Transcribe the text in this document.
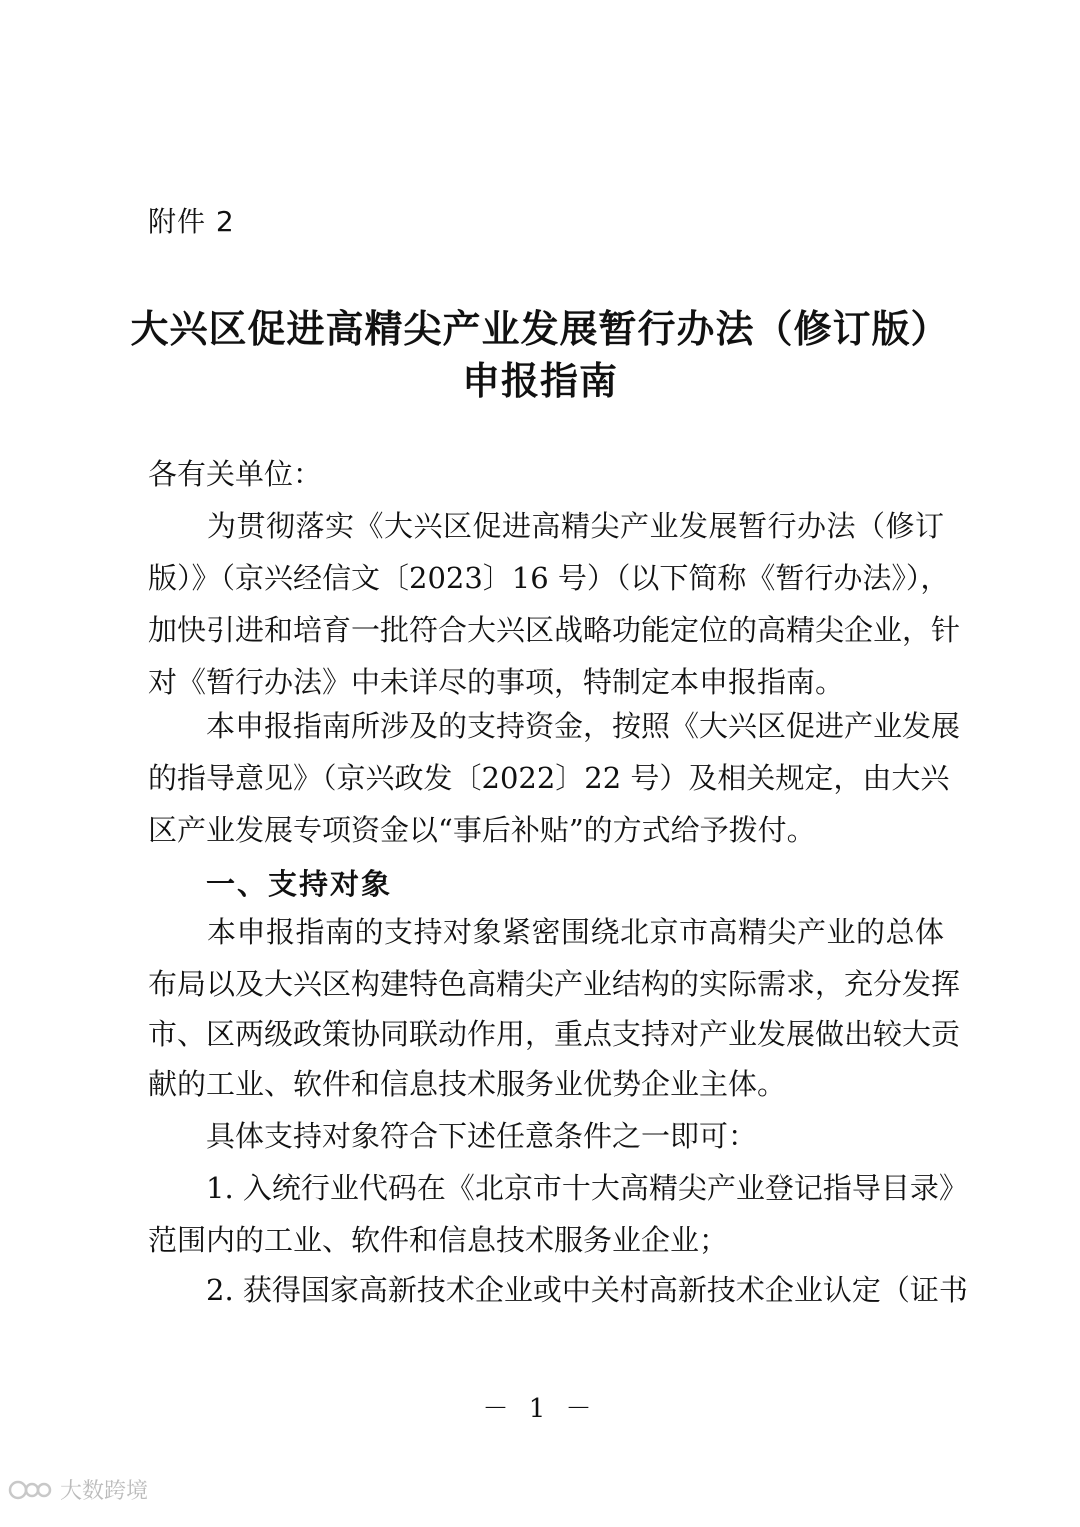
附件 2
大兴区促进高精尖产业发展暂行办法（修订版）
申报指南
各有关单位：
　　为贯彻落实《大兴区促进高精尖产业发展暂行办法（修订
版）》（京兴经信文〔2023〕16 号）（以下简称《暂行办法》），
加快引进和培育一批符合大兴区战略功能定位的高精尖企业，针
对《暂行办法》中未详尽的事项，特制定本申报指南。
　　本申报指南所涉及的支持资金，按照《大兴区促进产业发展
的指导意见》（京兴政发〔2022〕22 号）及相关规定，由大兴
区产业发展专项资金以“事后补贴”的方式给予拨付。
一、支持对象
　　本申报指南的支持对象紧密围绕北京市高精尖产业的总体
布局以及大兴区构建特色高精尖产业结构的实际需求，充分发挥
市、区两级政策协同联动作用，重点支持对产业发展做出较大贡
献的工业、软件和信息技术服务业优势企业主体。
　　具体支持对象符合下述任意条件之一即可：
　　1. 入统行业代码在《北京市十大高精尖产业登记指导目录》
范围内的工业、软件和信息技术服务业企业；
　　2. 获得国家高新技术企业或中关村高新技术企业认定（证书
－ 1 －
大数跨境
